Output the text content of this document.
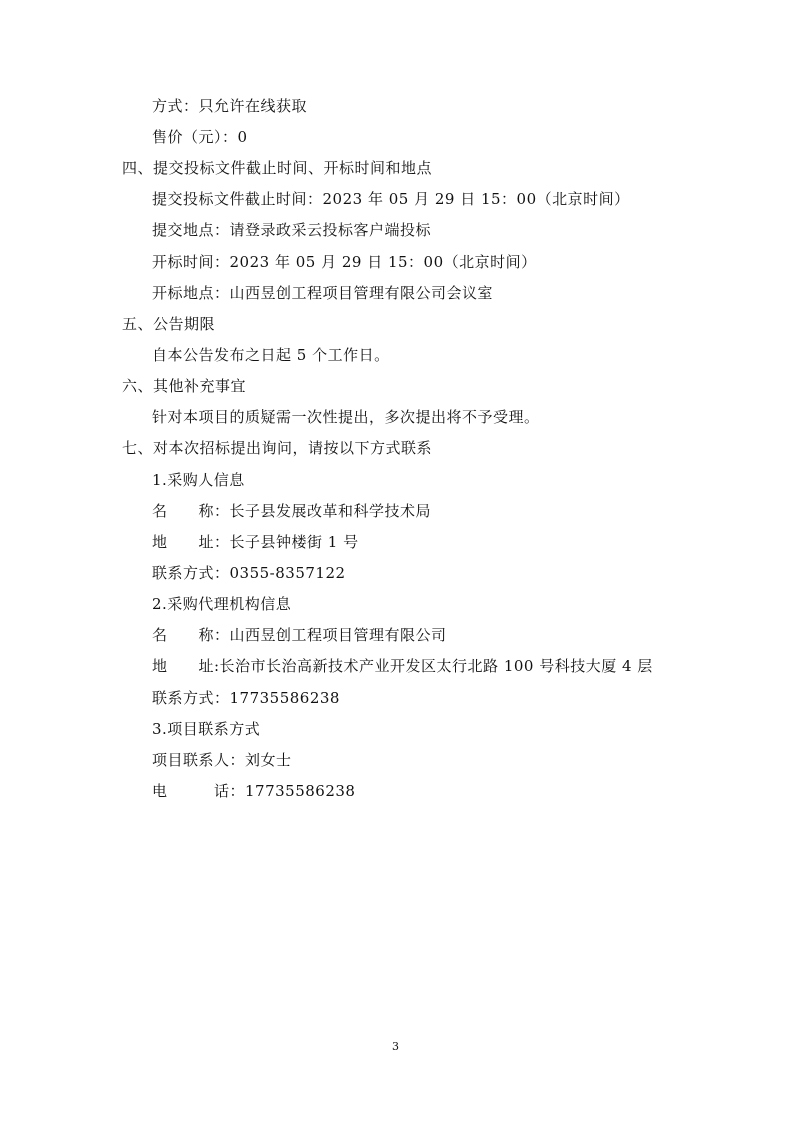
方式：只允许在线获取
售价（元）：0
四、提交投标文件截止时间、开标时间和地点
提交投标文件截止时间：2023 年 05 月 29 日 15：00（北京时间）
提交地点：请登录政采云投标客户端投标
开标时间：2023 年 05 月 29 日 15：00（北京时间）
开标地点：山西昱创工程项目管理有限公司会议室
五、公告期限
自本公告发布之日起 5 个工作日。
六、其他补充事宜
针对本项目的质疑需一次性提出，多次提出将不予受理。
七、对本次招标提出询问，请按以下方式联系
1.采购人信息
名　　称：长子县发展改革和科学技术局
地　　址：长子县钟楼街 1 号
联系方式：0355-8357122
2.采购代理机构信息
名　　称：山西昱创工程项目管理有限公司
地　　址:长治市长治高新技术产业开发区太行北路 100 号科技大厦 4 层
联系方式：17735586238
3.项目联系方式
项目联系人：刘女士
电　　　话：17735586238
3
